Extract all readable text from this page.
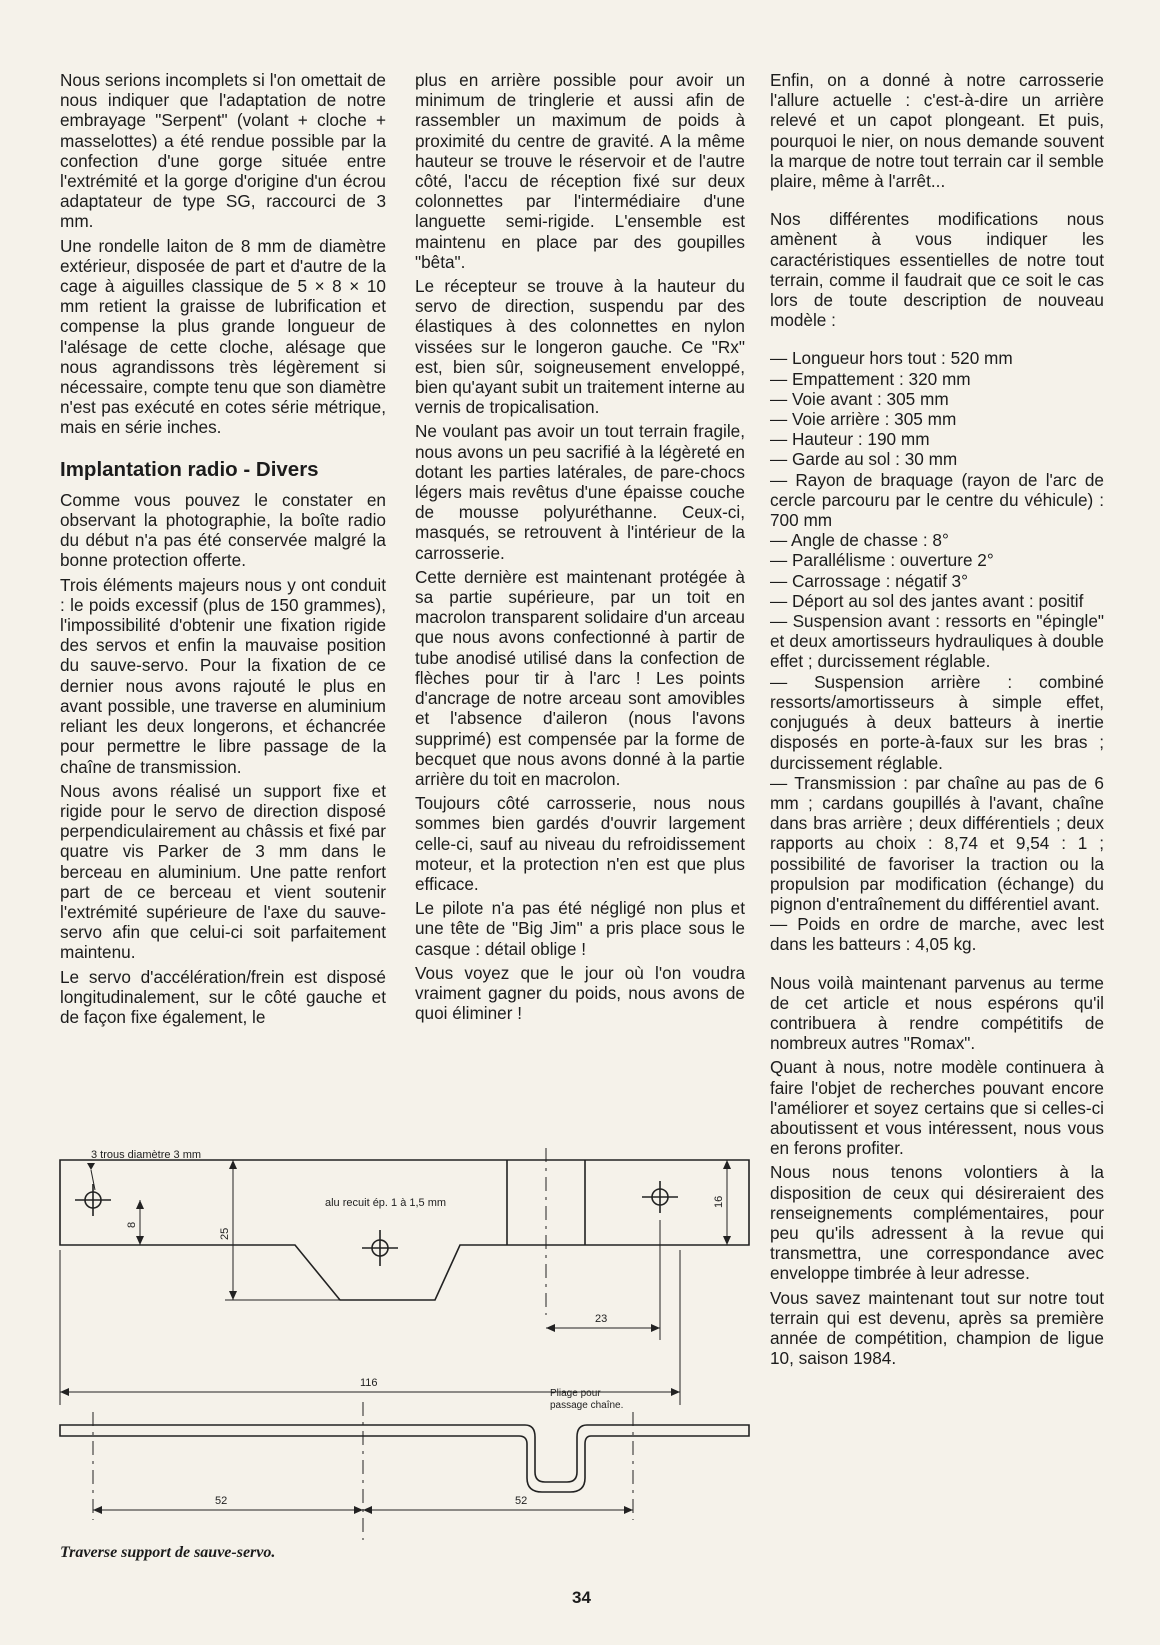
Nous serions incomplets si l'on omettait de nous indiquer que l'adaptation de notre embrayage "Serpent" (volant + cloche + masselottes) a été rendue possible par la confection d'une gorge située entre l'extrémité et la gorge d'origine d'un écrou adaptateur de type SG, raccourci de 3 mm.

Une rondelle laiton de 8 mm de diamètre extérieur, disposée de part et d'autre de la cage à aiguilles classique de 5 × 8 × 10 mm retient la graisse de lubrification et compense la plus grande longueur de l'alésage de cette cloche, alésage que nous agrandissons très légèrement si nécessaire, compte tenu que son diamètre n'est pas exécuté en cotes série métrique, mais en série inches.

Implantation radio - Divers

Comme vous pouvez le constater en observant la photographie, la boîte radio du début n'a pas été conservée malgré la bonne protection offerte.

Trois éléments majeurs nous y ont conduit : le poids excessif (plus de 150 grammes), l'impossibilité d'obtenir une fixation rigide des servos et enfin la mauvaise position du sauve-servo. Pour la fixation de ce dernier nous avons rajouté le plus en avant possible, une traverse en aluminium reliant les deux longerons, et échancrée pour permettre le libre passage de la chaîne de transmission.

Nous avons réalisé un support fixe et rigide pour le servo de direction disposé perpendiculairement au châssis et fixé par quatre vis Parker de 3 mm dans le berceau en aluminium. Une patte renfort part de ce berceau et vient soutenir l'extrémité supérieure de l'axe du sauve-servo afin que celui-ci soit parfaitement maintenu.

Le servo d'accélération/frein est disposé longitudinalement, sur le côté gauche et de façon fixe également, le

plus en arrière possible pour avoir un minimum de tringlerie et aussi afin de rassembler un maximum de poids à proximité du centre de gravité. A la même hauteur se trouve le réservoir et de l'autre côté, l'accu de réception fixé sur deux colonnettes par l'intermédiaire d'une languette semi-rigide. L'ensemble est maintenu en place par des goupilles "bêta".

Le récepteur se trouve à la hauteur du servo de direction, suspendu par des élastiques à des colonnettes en nylon vissées sur le longeron gauche. Ce "Rx" est, bien sûr, soigneusement enveloppé, bien qu'ayant subit un traitement interne au vernis de tropicalisation.

Ne voulant pas avoir un tout terrain fragile, nous avons un peu sacrifié à la légèreté en dotant les parties latérales, de pare-chocs légers mais revêtus d'une épaisse couche de mousse polyuréthanne. Ceux-ci, masqués, se retrouvent à l'intérieur de la carrosserie.

Cette dernière est maintenant protégée à sa partie supérieure, par un toit en macrolon transparent solidaire d'un arceau que nous avons confectionné à partir de tube anodisé utilisé dans la confection de flèches pour tir à l'arc ! Les points d'ancrage de notre arceau sont amovibles et l'absence d'aileron (nous l'avons supprimé) est compensée par la forme de becquet que nous avons donné à la partie arrière du toit en macrolon.

Toujours côté carrosserie, nous nous sommes bien gardés d'ouvrir largement celle-ci, sauf au niveau du refroidissement moteur, et la protection n'en est que plus efficace.

Le pilote n'a pas été négligé non plus et une tête de "Big Jim" a pris place sous le casque : détail oblige !

Vous voyez que le jour où l'on voudra vraiment gagner du poids, nous avons de quoi éliminer !

Enfin, on a donné à notre carrosserie l'allure actuelle : c'est-à-dire un arrière relevé et un capot plongeant. Et puis, pourquoi le nier, on nous demande souvent la marque de notre tout terrain car il semble plaire, même à l'arrêt...

Nos différentes modifications nous amènent à vous indiquer les caractéristiques essentielles de notre tout terrain, comme il faudrait que ce soit le cas lors de toute description de nouveau modèle :

— Longueur hors tout : 520 mm

— Empattement : 320 mm

— Voie avant : 305 mm

— Voie arrière : 305 mm

— Hauteur : 190 mm

— Garde au sol : 30 mm

— Rayon de braquage (rayon de l'arc de cercle parcouru par le centre du véhicule) : 700 mm

— Angle de chasse : 8°

— Parallélisme : ouverture 2°

— Carrossage : négatif 3°

— Déport au sol des jantes avant : positif

— Suspension avant : ressorts en "épingle" et deux amortisseurs hydrauliques à double effet ; durcissement réglable.

— Suspension arrière : combiné ressorts/amortisseurs à simple effet, conjugués à deux batteurs à inertie disposés en porte-à-faux sur les bras ; durcissement réglable.

— Transmission : par chaîne au pas de 6 mm ; cardans goupillés à l'avant, chaîne dans bras arrière ; deux différentiels ; deux rapports au choix : 8,74 et 9,54 : 1 ; possibilité de favoriser la traction ou la propulsion par modification (échange) du pignon d'entraînement du différentiel avant.

— Poids en ordre de marche, avec lest dans les batteurs : 4,05 kg.

Nous voilà maintenant parvenus au terme de cet article et nous espérons qu'il contribuera à rendre compétitifs de nombreux autres "Romax".

Quant à nous, notre modèle continuera à faire l'objet de recherches pouvant encore l'améliorer et soyez certains que si celles-ci aboutissent et vous intéressent, nous vous en ferons profiter.

Nous nous tenons volontiers à la disposition de ceux qui désireraient des renseignements complémentaires, pour peu qu'ils adressent à la revue qui transmettra, une correspondance avec enveloppe timbrée à leur adresse.

Vous savez maintenant tout sur notre tout terrain qui est devenu, après sa première année de compétition, champion de ligue 10, saison 1984.

3 trous diamètre 3 mm
alu recuit ép. 1 à 1,5 mm
8
25
16
23
116
Pliage pour
passage chaîne.
52	52
Traverse support de sauve-servo.
34
